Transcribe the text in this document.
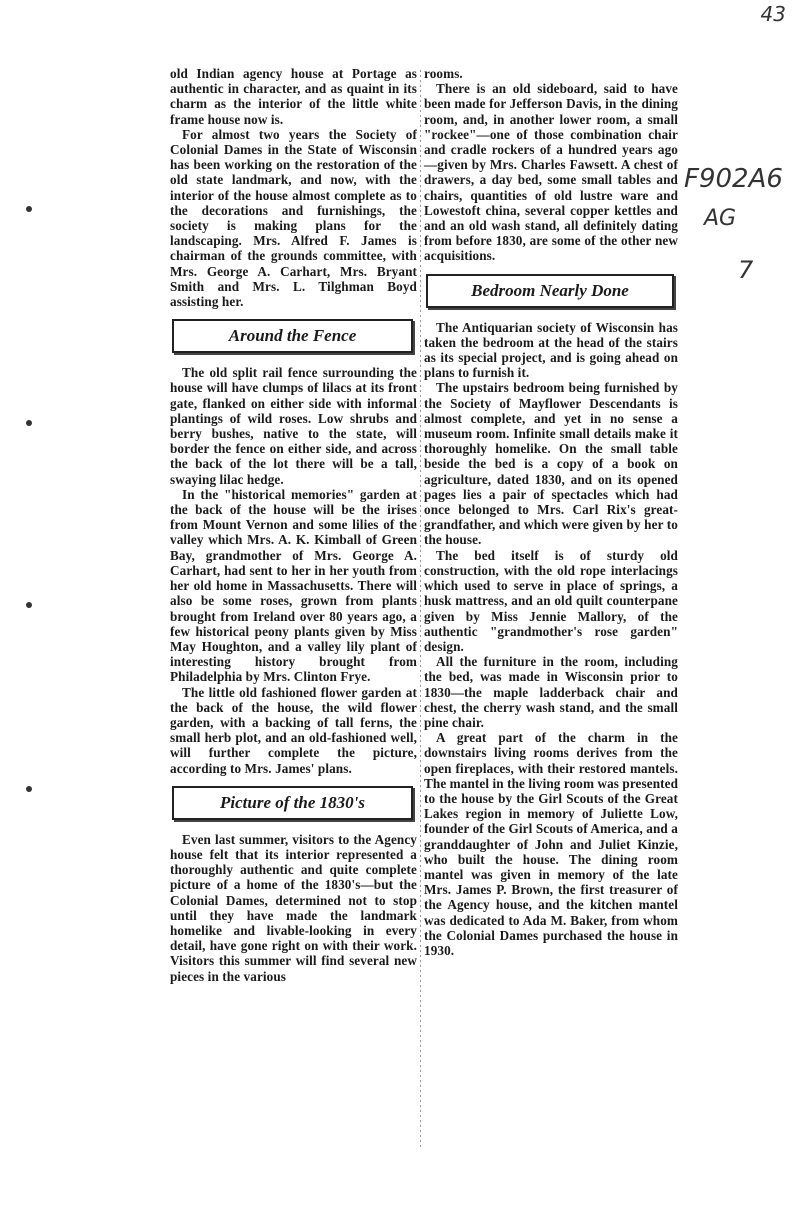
43
F902A6
AG
7

old Indian agency house at Portage as authentic in character, and as quaint in its charm as the interior of the little white frame house now is.

For almost two years the Society of Colonial Dames in the State of Wisconsin has been working on the restoration of the old state landmark, and now, with the interior of the house almost complete as to the decorations and furnishings, the society is making plans for the landscaping. Mrs. Alfred F. James is chairman of the grounds committee, with Mrs. George A. Carhart, Mrs. Bryant Smith and Mrs. L. Tilghman Boyd assisting her.

Around the Fence

The old split rail fence surrounding the house will have clumps of lilacs at its front gate, flanked on either side with informal plantings of wild roses. Low shrubs and berry bushes, native to the state, will border the fence on either side, and across the back of the lot there will be a tall, swaying lilac hedge.

In the "historical memories" garden at the back of the house will be the irises from Mount Vernon and some lilies of the valley which Mrs. A. K. Kimball of Green Bay, grandmother of Mrs. George A. Carhart, had sent to her in her youth from her old home in Massachusetts. There will also be some roses, grown from plants brought from Ireland over 80 years ago, a few historical peony plants given by Miss May Houghton, and a valley lily plant of interesting history brought from Philadelphia by Mrs. Clinton Frye.

The little old fashioned flower garden at the back of the house, the wild flower garden, with a backing of tall ferns, the small herb plot, and an old-fashioned well, will further complete the picture, according to Mrs. James' plans.

Picture of the 1830's

Even last summer, visitors to the Agency house felt that its interior represented a thoroughly authentic and quite complete picture of a home of the 1830's—but the Colonial Dames, determined not to stop until they have made the landmark homelike and livable-looking in every detail, have gone right on with their work. Visitors this summer will find several new pieces in the various

rooms.

There is an old sideboard, said to have been made for Jefferson Davis, in the dining room, and, in another lower room, a small "rockee"—one of those combination chair and cradle rockers of a hundred years ago—given by Mrs. Charles Fawsett. A chest of drawers, a day bed, some small tables and chairs, quantities of old lustre ware and Lowestoft china, several copper kettles and and an old wash stand, all definitely dating from before 1830, are some of the other new acquisitions.

Bedroom Nearly Done

The Antiquarian society of Wisconsin has taken the bedroom at the head of the stairs as its special project, and is going ahead on plans to furnish it.

The upstairs bedroom being furnished by the Society of Mayflower Descendants is almost complete, and yet in no sense a museum room. Infinite small details make it thoroughly homelike. On the small table beside the bed is a copy of a book on agriculture, dated 1830, and on its opened pages lies a pair of spectacles which had once belonged to Mrs. Carl Rix's great-grandfather, and which were given by her to the house.

The bed itself is of sturdy old construction, with the old rope interlacings which used to serve in place of springs, a husk mattress, and an old quilt counterpane given by Miss Jennie Mallory, of the authentic "grandmother's rose garden" design.

All the furniture in the room, including the bed, was made in Wisconsin prior to 1830—the maple ladderback chair and chest, the cherry wash stand, and the small pine chair.

A great part of the charm in the downstairs living rooms derives from the open fireplaces, with their restored mantels. The mantel in the living room was presented to the house by the Girl Scouts of the Great Lakes region in memory of Juliette Low, founder of the Girl Scouts of America, and a granddaughter of John and Juliet Kinzie, who built the house. The dining room mantel was given in memory of the late Mrs. James P. Brown, the first treasurer of the Agency house, and the kitchen mantel was dedicated to Ada M. Baker, from whom the Colonial Dames purchased the house in 1930.
